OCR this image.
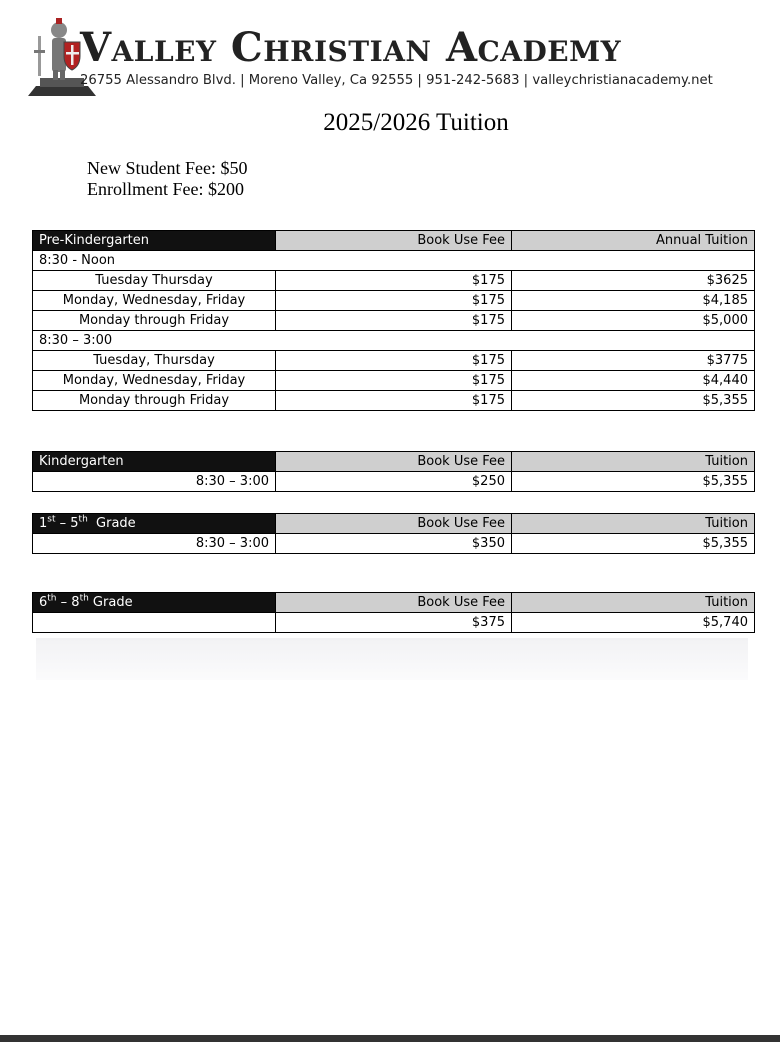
Valley Christian Academy

26755 Alessandro Blvd. | Moreno Valley, Ca 92555 | 951-242-5683 | valleychristianacademy.net

2025/2026 Tuition
New Student Fee: $50
Enrollment Fee: $200
Pre-Kindergarten	Book Use Fee	Annual Tuition
8:30 - Noon		
Tuesday Thursday	$175	$3625
Monday, Wednesday, Friday	$175	$4,185
Monday through Friday	$175	$5,000
8:30 – 3:00		
Tuesday, Thursday	$175	$3775
Monday, Wednesday, Friday	$175	$4,440
Monday through Friday	$175	$5,355
Kindergarten	Book Use Fee	Tuition
8:30 – 3:00	$250	$5,355
1st – 5th  Grade	Book Use Fee	Tuition
8:30 – 3:00	$350	$5,355
6th – 8th Grade	Book Use Fee	Tuition
	$375	$5,740
